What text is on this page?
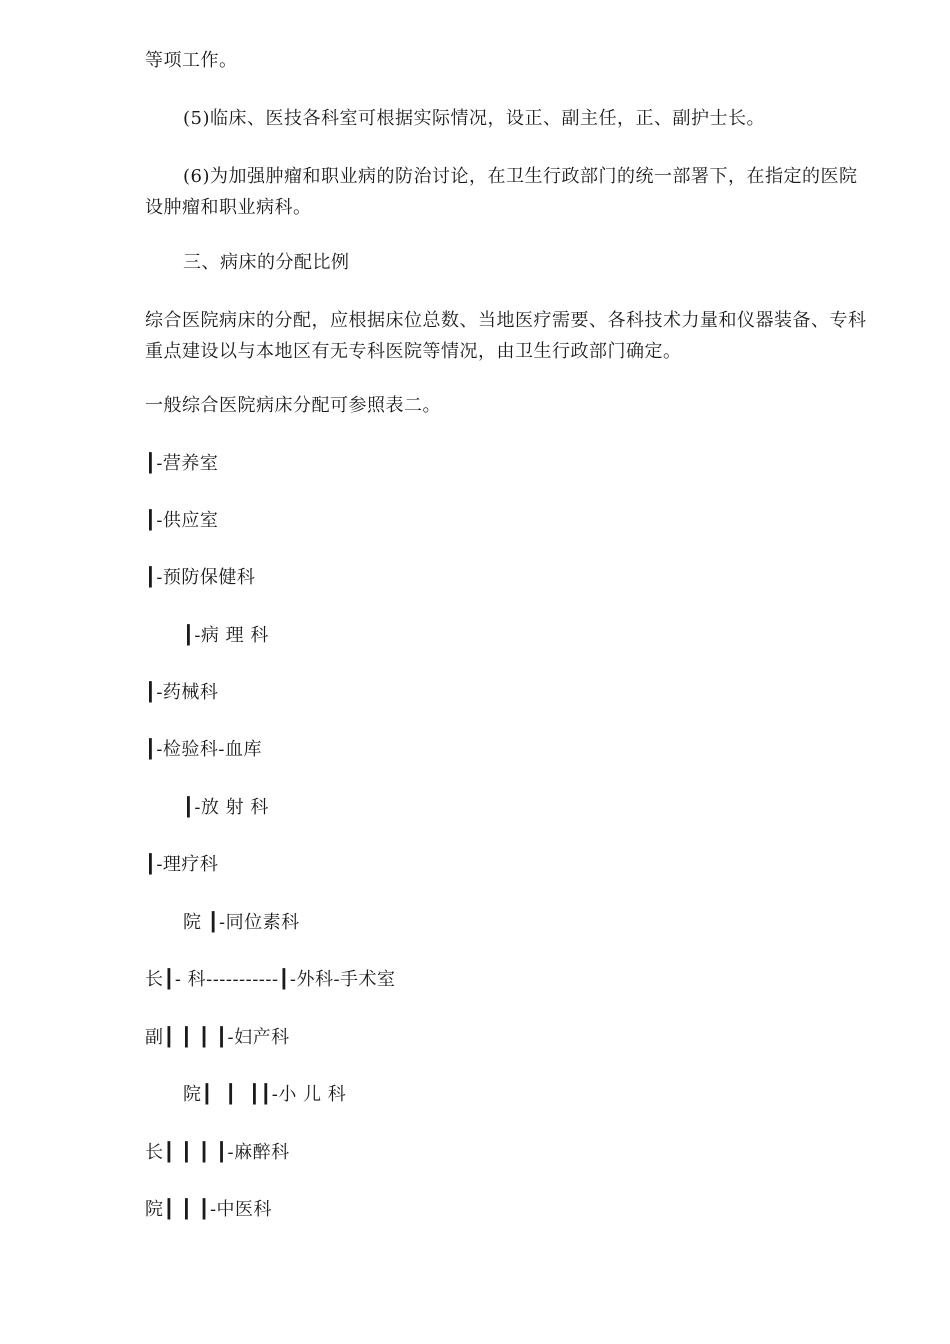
等项工作。
(5)临床、医技各科室可根据实际情况，设正、副主任，正、副护士长。
(6)为加强肿瘤和职业病的防治讨论，在卫生行政部门的统一部署下，在指定的医院设肿瘤和职业病科。
三、病床的分配比例
综合医院病床的分配，应根据床位总数、当地医疗需要、各科技术力量和仪器装备、专科重点建设以与本地区有无专科医院等情况，由卫生行政部门确定。
一般综合医院病床分配可参照表二。
┃-营养室
┃-供应室
┃-预防保健科
┃-病 理 科
┃-药械科
┃-检验科-血库
┃-放 射 科
┃-理疗科
院 ┃-同位素科
长┃- 科-----------┃-外科-手术室
副┃ ┃ ┃ ┃-妇产科
院┃  ┃  ┃┃-小 儿 科
长┃ ┃ ┃ ┃-麻醉科
院┃ ┃ ┃-中医科
